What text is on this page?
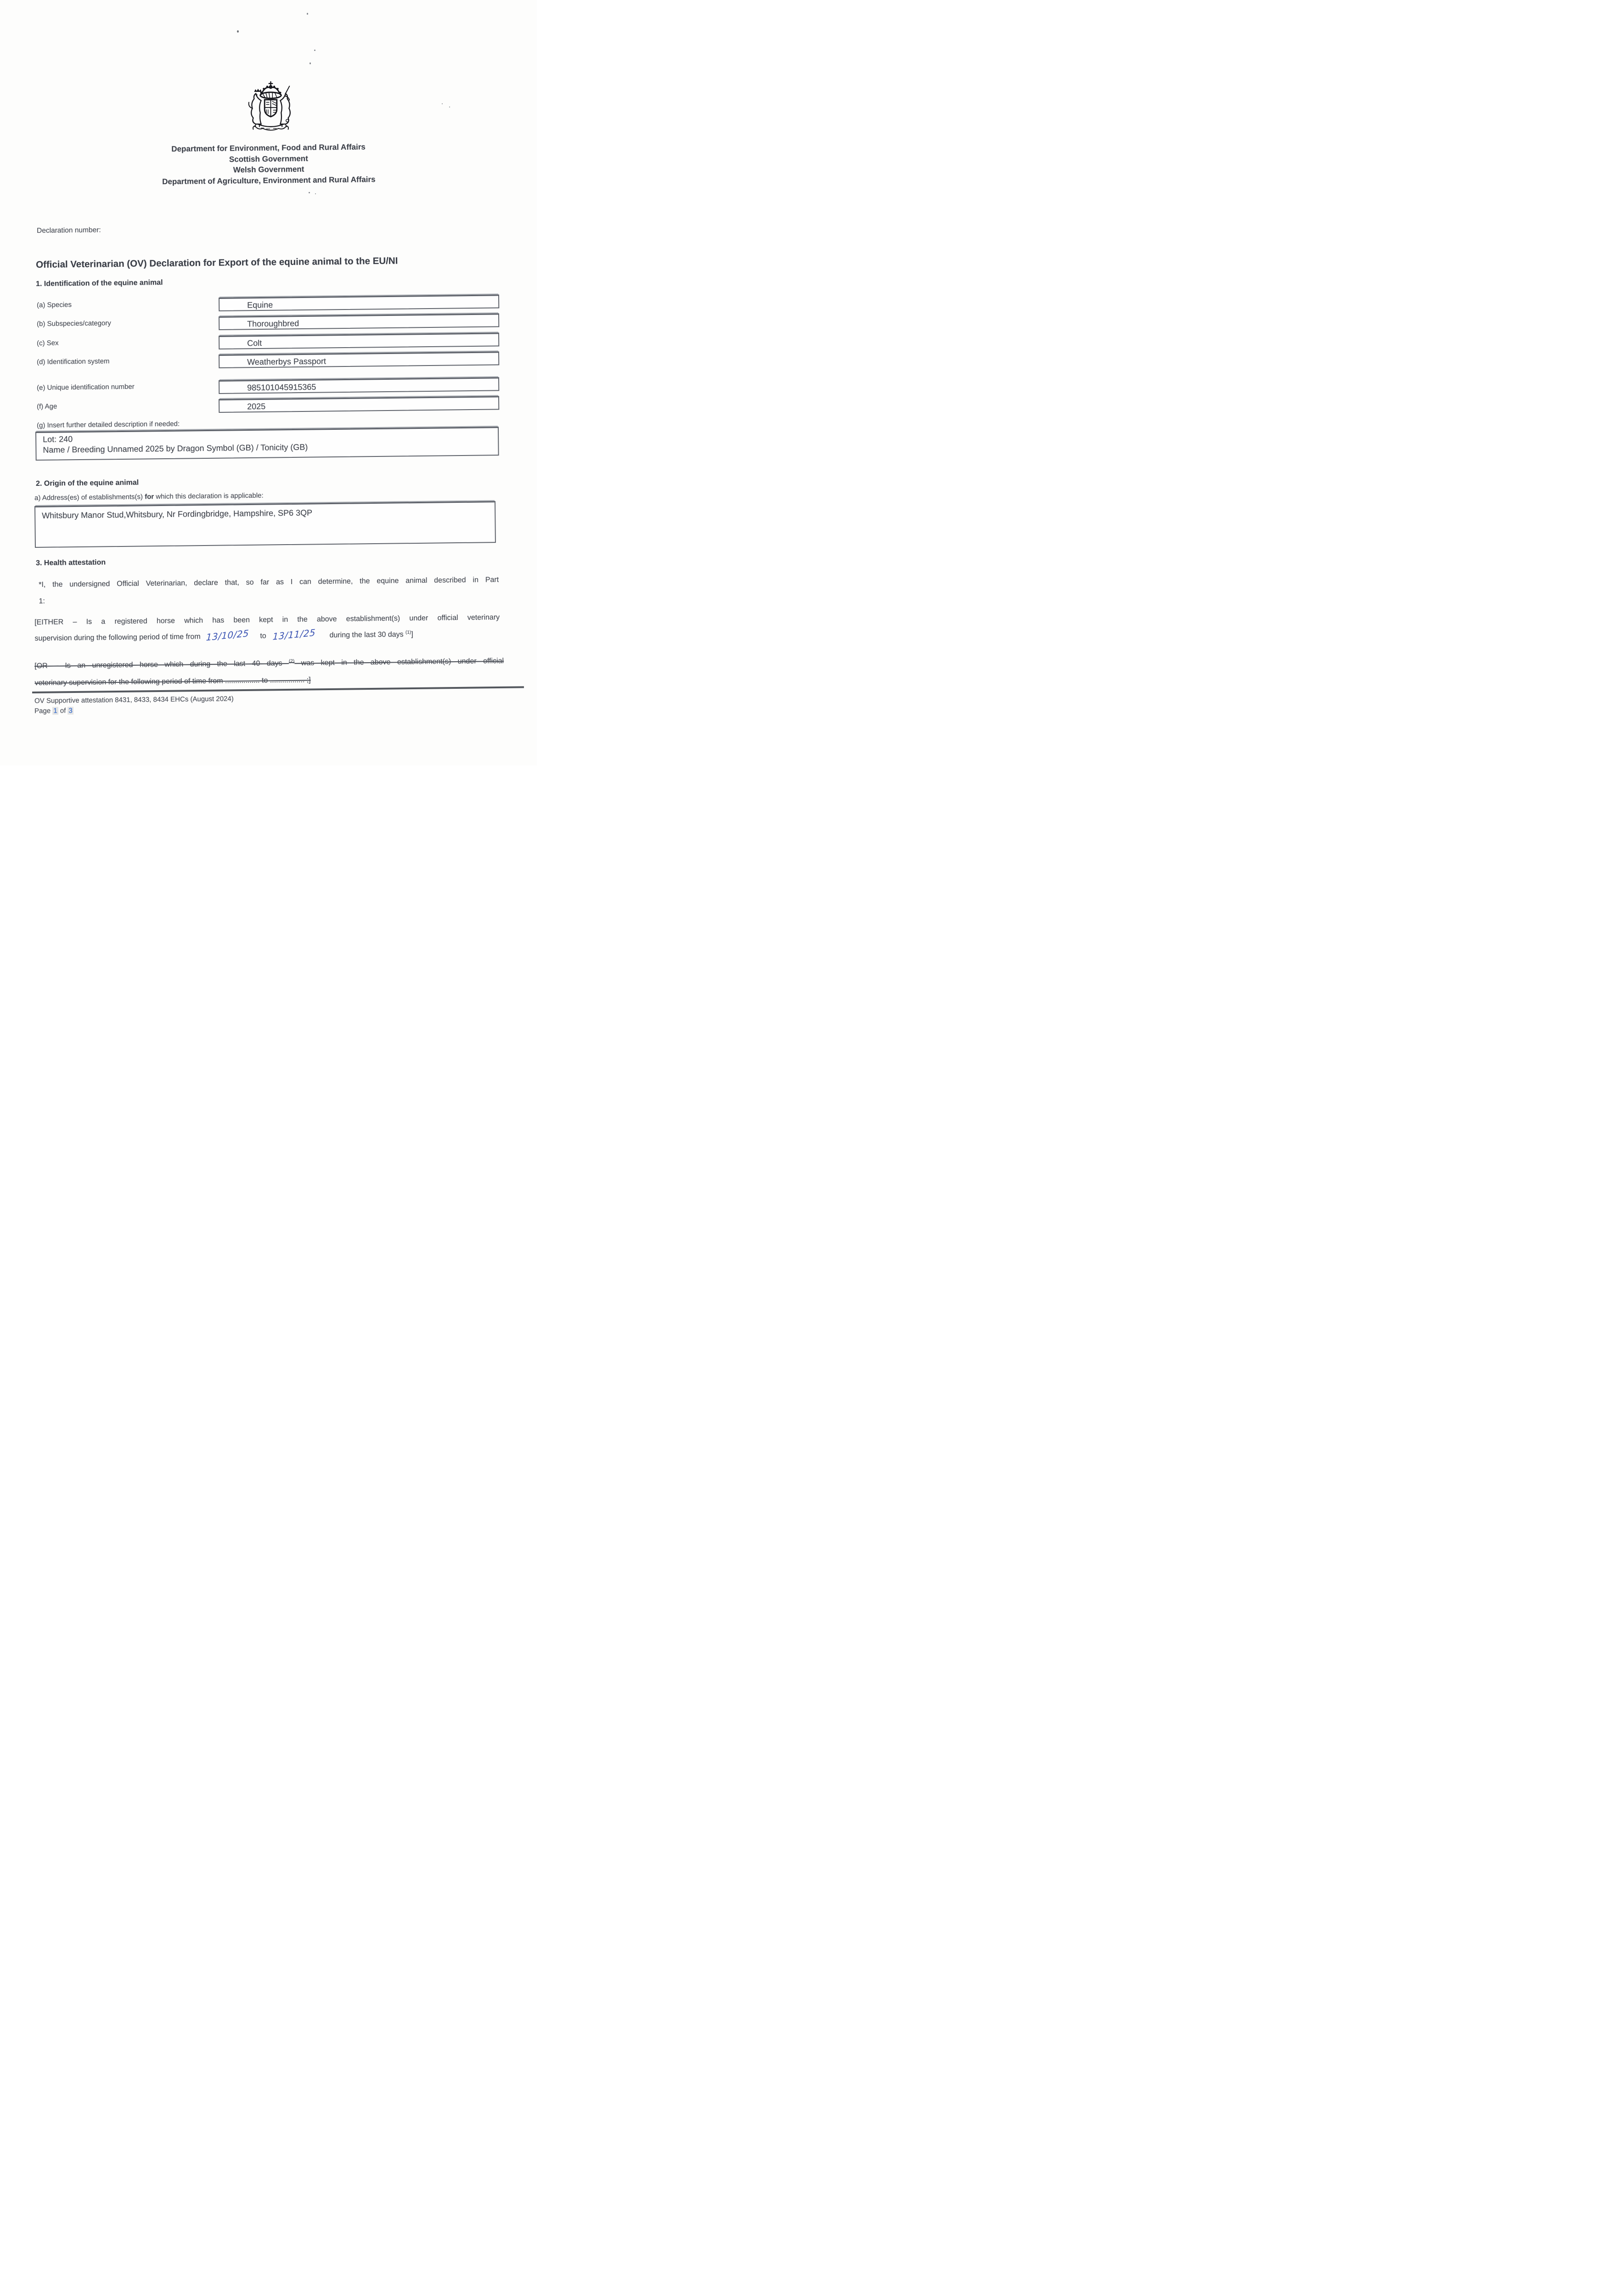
Department for Environment, Food and Rural Affairs
Scottish Government
Welsh Government
Department of Agriculture, Environment and Rural Affairs
Declaration number:
Official Veterinarian (OV) Declaration for Export of the equine animal to the EU/NI
1. Identification of the equine animal
(a) Species	Equine
(b) Subspecies/category	Thoroughbred
(c) Sex	Colt
(d) Identification system	Weatherbys Passport
(e) Unique identification number	985101045915365
(f) Age	2025
(g) Insert further detailed description if needed:
Lot: 240
Name / Breeding Unnamed 2025 by Dragon Symbol (GB) / Tonicity (GB)
2. Origin of the equine animal
a) Address(es) of establishments(s) for which this declaration is applicable:
Whitsbury Manor Stud,Whitsbury, Nr Fordingbridge, Hampshire, SP6 3QP
3. Health attestation
*I, the undersigned Official Veterinarian, declare that, so far as I can determine, the equine animal described in Part
1:
[EITHER – Is a registered horse which has been kept in the above establishment(s) under official veterinary
supervision during the following period of time from 13/10/25 to 13/11/25 during the last 30 days $^{(1)}$]
[OR – Is an unregistered horse which during the last 40 days $^{(2)}$ was kept in the above establishment(s) under official
veterinary supervision for the following period of time from ................. to ................. ;]
OV Supportive attestation 8431, 8433, 8434 EHCs (August 2024)
Page 1 of 3
